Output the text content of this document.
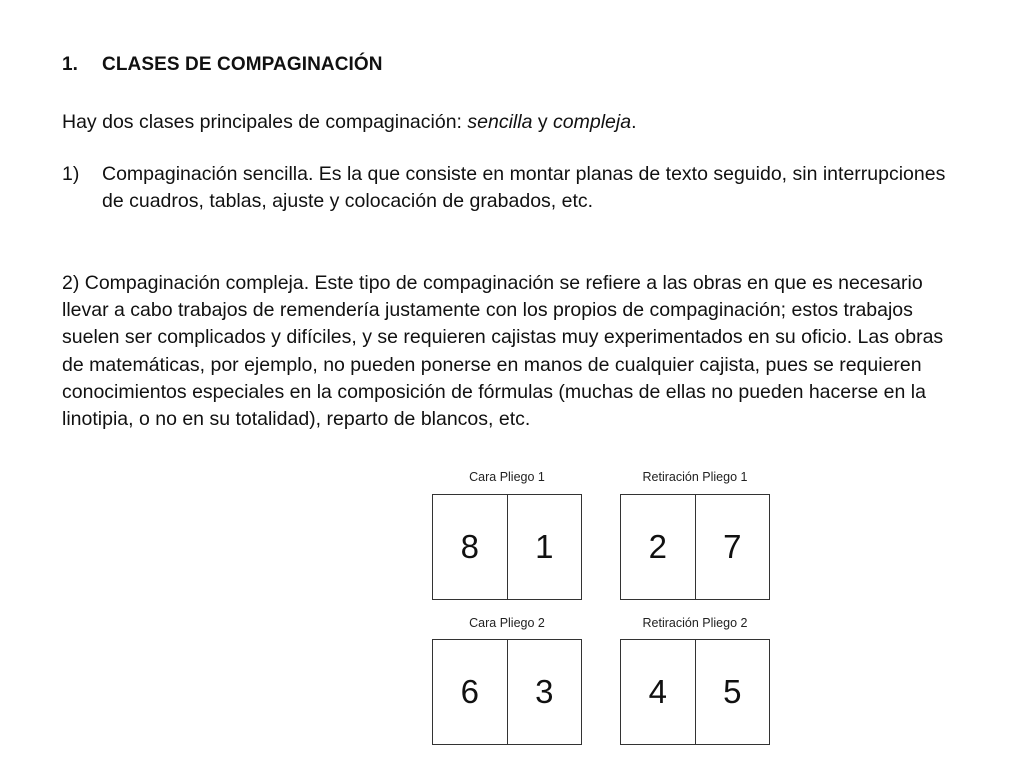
1. CLASES DE COMPAGINACIÓN
Hay dos clases principales de compaginación: sencilla y compleja.
1) Compaginación sencilla. Es la que consiste en montar planas de texto seguido, sin interrupciones de cuadros, tablas, ajuste y colocación de grabados, etc.
2) Compaginación compleja. Este tipo de compaginación se refiere a las obras en que es necesario llevar a cabo trabajos de remendería justamente con los propios de compaginación; estos trabajos suelen ser complicados y difíciles, y se requieren cajistas muy experimentados en su oficio. Las obras de matemáticas, por ejemplo, no pueden ponerse en manos de cualquier cajista, pues se requieren conocimientos especiales en la composición de fórmulas (muchas de ellas no pueden hacerse en la linotipia, o no en su totalidad), reparto de blancos, etc.
Cara Pliego 1
8	1
Retiración Pliego 1
2	7
Cara Pliego 2
6	3
Retiración Pliego 2
4	5
